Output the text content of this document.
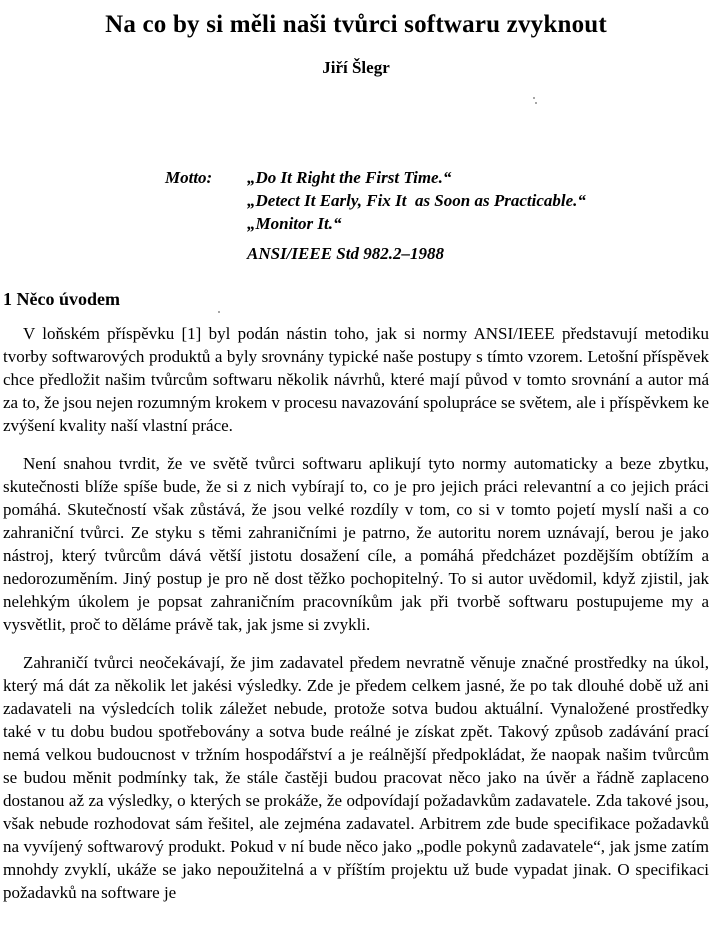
Na co by si měli naši tvůrci softwaru zvyknout
Jiří Šlegr
Motto:	„Do It Right the First Time.“
„Detect It Early, Fix It  as Soon as Practicable.“
„Monitor It.“
ANSI/IEEE Std 982.2–1988
1 Něco úvodem

V loňském příspěvku [1] byl podán nástin toho, jak si normy ANSI/IEEE představují metodiku tvorby softwarových produktů a byly srovnány typické naše postupy s tímto vzorem. Letošní příspěvek chce předložit našim tvůrcům softwaru několik návrhů, které mají původ v tomto srovnání a autor má za to, že jsou nejen rozumným krokem v procesu navazování spolupráce se světem, ale i příspěvkem ke zvýšení kvality naší vlastní práce.

Není snahou tvrdit, že ve světě tvůrci softwaru aplikují tyto normy automaticky a beze zbytku, skutečnosti blíže spíše bude, že si z nich vybírají to, co je pro jejich práci relevantní a co jejich práci pomáhá. Skutečností však zůstává, že jsou velké rozdíly v tom, co si v tomto pojetí myslí naši a co zahraniční tvůrci. Ze styku s těmi zahraničními je patrno, že autoritu norem uznávají, berou je jako nástroj, který tvůrcům dává větší jistotu dosažení cíle, a pomáhá předcházet pozdějším obtížím a nedorozuměním. Jiný postup je pro ně dost těžko pochopitelný. To si autor uvědomil, když zjistil, jak nelehkým úkolem je popsat zahraničním pracovníkům jak při tvorbě softwaru postupujeme my a vysvětlit, proč to děláme právě tak, jak jsme si zvykli.

Zahraničí tvůrci neočekávají, že jim zadavatel předem nevratně věnuje značné prostředky na úkol, který má dát za několik let jakési výsledky. Zde je předem celkem jasné, že po tak dlouhé době už ani zadavateli na výsledcích tolik záležet nebude, protože sotva budou aktuální. Vynaložené prostředky také v tu dobu budou spotřebovány a sotva bude reálné je získat zpět. Takový způsob zadávání prací nemá velkou budoucnost v tržním hospodářství a je reálnější předpokládat, že naopak našim tvůrcům se budou měnit podmínky tak, že stále častěji budou pracovat něco jako na úvěr a řádně zaplaceno dostanou až za výsledky, o kterých se prokáže, že odpovídají požadavkům zadavatele. Zda takové jsou, však nebude rozhodovat sám řešitel, ale zejména zadavatel. Arbitrem zde bude specifikace požadavků na vyvíjený softwarový produkt. Pokud v ní bude něco jako „podle pokynů zadavatele“, jak jsme zatím mnohdy zvyklí, ukáže se jako nepoužitelná a v příštím projektu už bude vypadat jinak. O specifikaci požadavků na software je
